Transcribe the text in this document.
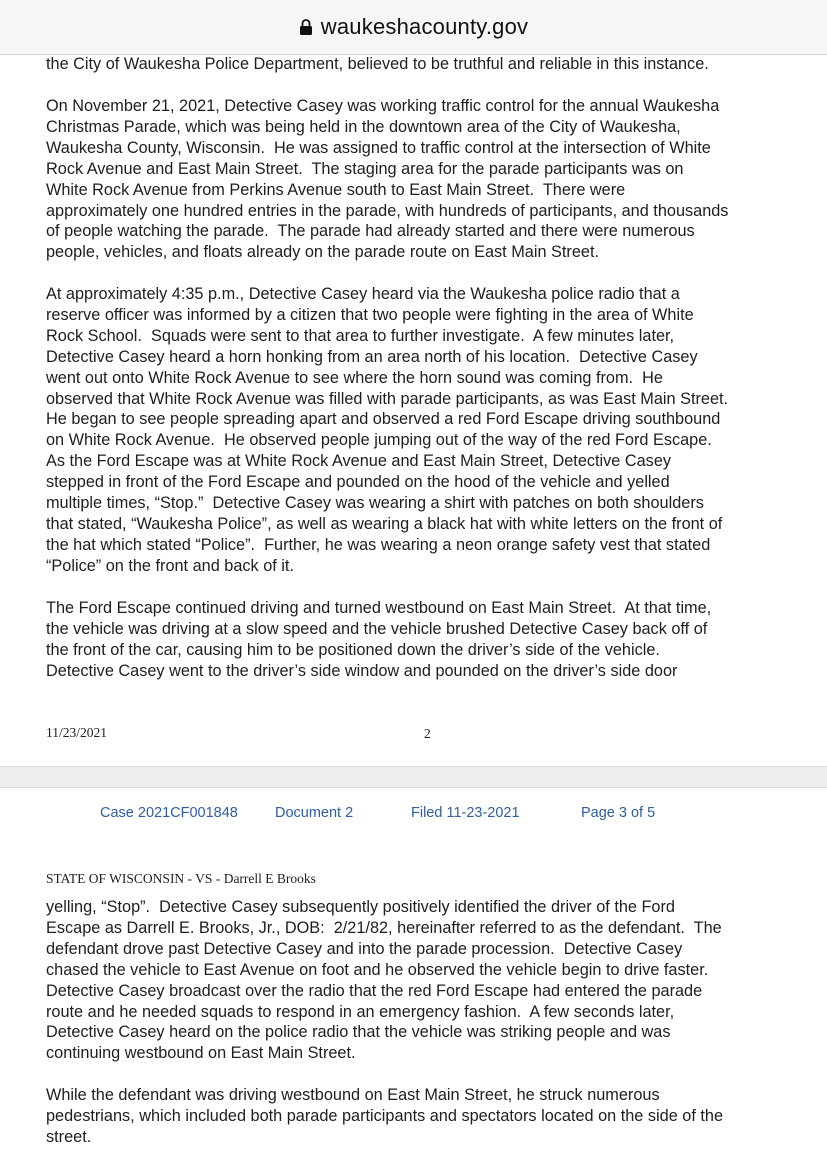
waukeshacounty.gov

the City of Waukesha Police Department, believed to be truthful and reliable in this instance.

On November 21, 2021, Detective Casey was working traffic control for the annual Waukesha
Christmas Parade, which was being held in the downtown area of the City of Waukesha,
Waukesha County, Wisconsin.  He was assigned to traffic control at the intersection of White
Rock Avenue and East Main Street.  The staging area for the parade participants was on
White Rock Avenue from Perkins Avenue south to East Main Street.  There were
approximately one hundred entries in the parade, with hundreds of participants, and thousands
of people watching the parade.  The parade had already started and there were numerous
people, vehicles, and floats already on the parade route on East Main Street.

At approximately 4:35 p.m., Detective Casey heard via the Waukesha police radio that a
reserve officer was informed by a citizen that two people were fighting in the area of White
Rock School.  Squads were sent to that area to further investigate.  A few minutes later,
Detective Casey heard a horn honking from an area north of his location.  Detective Casey
went out onto White Rock Avenue to see where the horn sound was coming from.  He
observed that White Rock Avenue was filled with parade participants, as was East Main Street.
He began to see people spreading apart and observed a red Ford Escape driving southbound
on White Rock Avenue.  He observed people jumping out of the way of the red Ford Escape.
As the Ford Escape was at White Rock Avenue and East Main Street, Detective Casey
stepped in front of the Ford Escape and pounded on the hood of the vehicle and yelled
multiple times, “Stop.”  Detective Casey was wearing a shirt with patches on both shoulders
that stated, “Waukesha Police”, as well as wearing a black hat with white letters on the front of
the hat which stated “Police”.  Further, he was wearing a neon orange safety vest that stated
“Police” on the front and back of it.

The Ford Escape continued driving and turned westbound on East Main Street.  At that time,
the vehicle was driving at a slow speed and the vehicle brushed Detective Casey back off of
the front of the car, causing him to be positioned down the driver’s side of the vehicle.
Detective Casey went to the driver’s side window and pounded on the driver’s side door

11/23/2021	2
Case 2021CF001848	Document 2	Filed 11-23-2021	Page 3 of 5
STATE OF WISCONSIN - VS - Darrell E Brooks

yelling, “Stop”.  Detective Casey subsequently positively identified the driver of the Ford
Escape as Darrell E. Brooks, Jr., DOB:  2/21/82, hereinafter referred to as the defendant.  The
defendant drove past Detective Casey and into the parade procession.  Detective Casey
chased the vehicle to East Avenue on foot and he observed the vehicle begin to drive faster.
Detective Casey broadcast over the radio that the red Ford Escape had entered the parade
route and he needed squads to respond in an emergency fashion.  A few seconds later,
Detective Casey heard on the police radio that the vehicle was striking people and was
continuing westbound on East Main Street.

While the defendant was driving westbound on East Main Street, he struck numerous
pedestrians, which included both parade participants and spectators located on the side of the
street.
